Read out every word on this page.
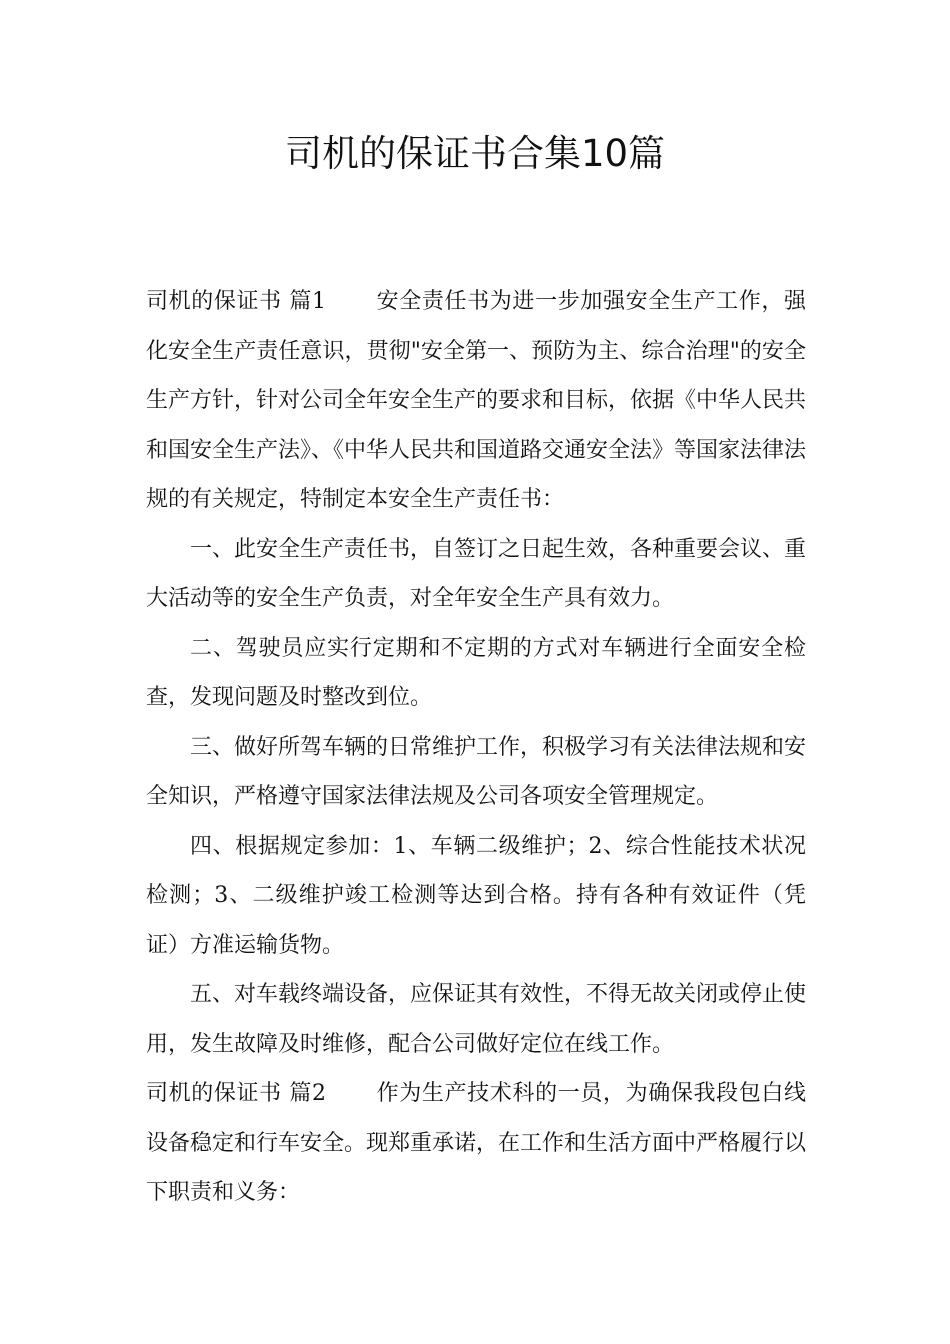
司机的保证书合集10篇

司机的保证书 篇1 安全责任书为进一步加强安全生产工作，强化安全生产责任意识，贯彻"安全第一、预防为主、综合治理"的安全生产方针，针对公司全年安全生产的要求和目标，依据《中华人民共和国安全生产法》、《中华人民共和国道路交通安全法》等国家法律法规的有关规定，特制定本安全生产责任书：

一、此安全生产责任书，自签订之日起生效，各种重要会议、重大活动等的安全生产负责，对全年安全生产具有效力。

二、驾驶员应实行定期和不定期的方式对车辆进行全面安全检查，发现问题及时整改到位。

三、做好所驾车辆的日常维护工作，积极学习有关法律法规和安全知识，严格遵守国家法律法规及公司各项安全管理规定。

四、根据规定参加：1、车辆二级维护；2、综合性能技术状况检测；3、二级维护竣工检测等达到合格。持有各种有效证件（凭证）方准运输货物。

五、对车载终端设备，应保证其有效性，不得无故关闭或停止使用，发生故障及时维修，配合公司做好定位在线工作。

司机的保证书 篇2 作为生产技术科的一员，为确保我段包白线设备稳定和行车安全。现郑重承诺，在工作和生活方面中严格履行以下职责和义务：
